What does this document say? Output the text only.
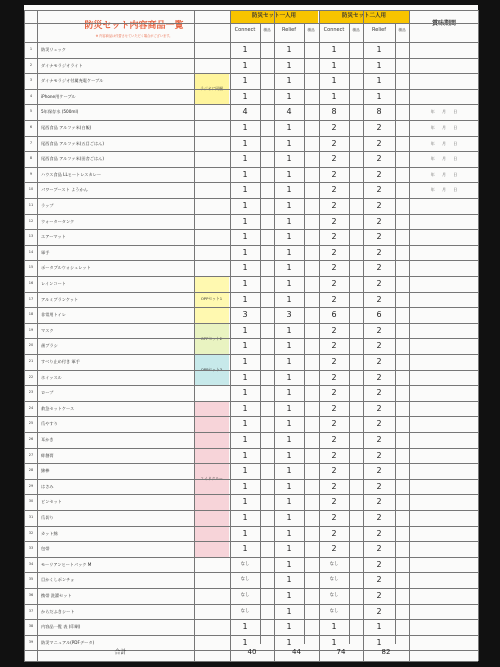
防災セット内容商品一覧
※ 内容商品は代替させていただく場合がございます。
防災セット一人用	防災セット二人用
Connect	積品	Relief	積品	Connect	積品	Relief	積品
賞味期間
ラジオに同梱
OPPセット1
OPPセット2
OPPセット3
エイドクルー
1	防災リュック	1	1	1	1
2	ダイナモラジオライト	1	1	1	1
3	ダイナモラジオ付属充電ケーブル	1	1	1	1
4	iPhone用ケーブル	1	1	1	1
5	5年保存水 (500ml)	4	4	8	8	年 月 日
6	尾西食品 アルファ米(白飯)	1	1	2	2	年 月 日
7	尾西食品 アルファ米(五目ごはん)	1	1	2	2	年 月 日
8	尾西食品 アルファ米(田舎ごはん)	1	1	2	2	年 月 日
9	ハウス食品 LLヒートレスカレー	1	1	2	2	年 月 日
10	パワーブースト ようかん	1	1	2	2	年 月 日
11	ラップ	1	1	2	2
12	ウォータータンク	1	1	2	2
13	エアーマット	1	1	2	2
14	軍手	1	1	2	2
15	ポータブルウォシュレット	1	1	2	2
16	レインコート	1	1	2	2
17	アルミブランケット	1	1	2	2
18	非常用トイレ	3	3	6	6
19	マスク	1	1	2	2
20	歯ブラシ	1	1	2	2
21	すべり止め付き 軍手	1	1	2	2
22	ホイッスル	1	1	2	2
23	ロープ	1	1	2	2
24	救急セットケース	1	1	2	2
25	爪やすり	1	1	2	2
26	耳かき	1	1	2	2
27	絆創膏	1	1	2	2
28	綿棒	1	1	2	2
29	はさみ	1	1	2	2
30	ピンセット	1	1	2	2
31	爪切り	1	1	2	2
32	カット綿	1	1	2	2
33	包帯	1	1	2	2
34	モーリアンヒートパック M	なし	1	なし	2
35	目かくしポンチョ	なし	1	なし	2
36	携帯 洗濯セット	なし	1	なし	2
37	からだふきシート	なし	1	なし	2
38	内容品一覧 表 (印刷)	1	1	1	1
39	防災マニュアル(PDFデータ)	1	1	1	1
合計	40	44	74	82
